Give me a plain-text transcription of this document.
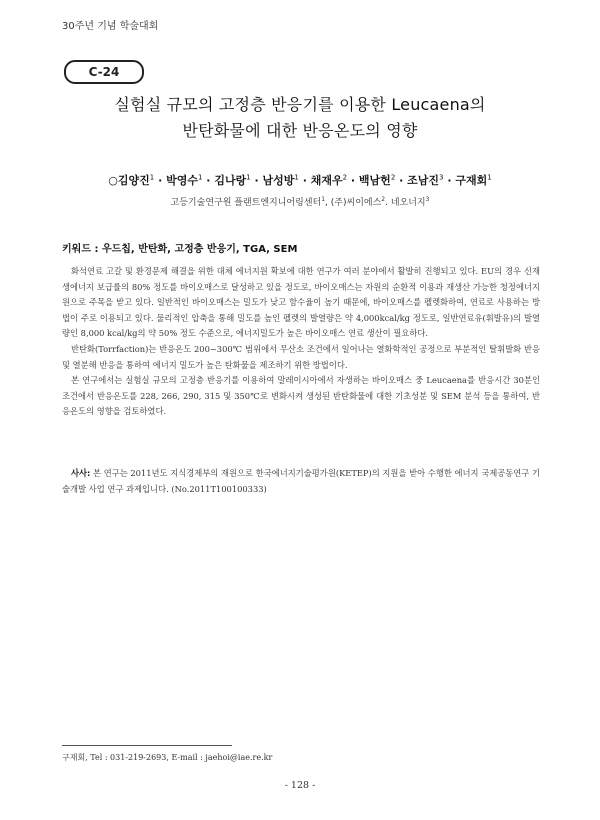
30주년 기념 학술대회
C-24
실험실 규모의 고정층 반응기를 이용한 Leucaena의
반탄화물에 대한 반응온도의 영향
○김양진$^1$ · 박영수$^1$ · 김나랑$^1$ · 남성방$^1$ · 채재우$^2$ · 백남헌$^2$ · 조남진$^3$ · 구재회$^1$
고등기술연구원 플랜트엔지니어링센터$^1$, (주)씨이에스$^2$. 네오너지$^3$
키워드 : 우드칩, 반탄화, 고정층 반응기, TGA, SEM

화석연료 고갈 및 환경문제 해결을 위한 대체 에너지원 확보에 대한 연구가 여러 분야에서 활발히 진행되고 있다. EU의 경우 신재생에너지 보급률의 80% 정도를 바이오매스로 달성하고 있을 정도로, 바이오매스는 자원의 순환적 이용과 재생산 가능한 청정에너지원으로 주목을 받고 있다. 일반적인 바이오매스는 밀도가 낮고 함수율이 높기 때문에, 바이오매스를 펠렛화하여, 연료로 사용하는 방법이 주로 이용되고 있다. 물리적인 압축을 통해 밀도를 높인 펠렛의 발열량은 약 4,000kcal/kg 정도로, 일반연료유(휘발유)의 발열량인 8,000 kcal/kg의 약 50% 정도 수준으로, 에너지밀도가 높은 바이오매스 연료 생산이 필요하다.

반탄화(Torrfaction)는 반응온도 200~300℃ 범위에서 무산소 조건에서 일어나는 열화학적인 공정으로 부분적인 탈휘발화 반응 및 열분해 반응을 통하여 에너지 밀도가 높은 탄화물을 제조하기 위한 방법이다.

본 연구에서는 실험실 규모의 고정층 반응기를 이용하여 말레이시아에서 자생하는 바이오매스 중 Leucaena를 반응시간 30분인 조건에서 반응온도를 228, 266, 290, 315 및 350℃로 변화시켜 생성된 반탄화물에 대한 기초성분 및 SEM 분석 등을 통하여, 반응온도의 영향을 검토하였다.

사사: 본 연구는 2011년도 지식경제부의 재원으로 한국에너지기술평가원(KETEP)의 지원을 받아 수행한 에너지 국제공동연구 기술개발 사업 연구 과제입니다. (No.2011T100100333)

구재회, Tel : 031-219-2693, E-mail : jaehoi@iae.re.kr
- 128 -
